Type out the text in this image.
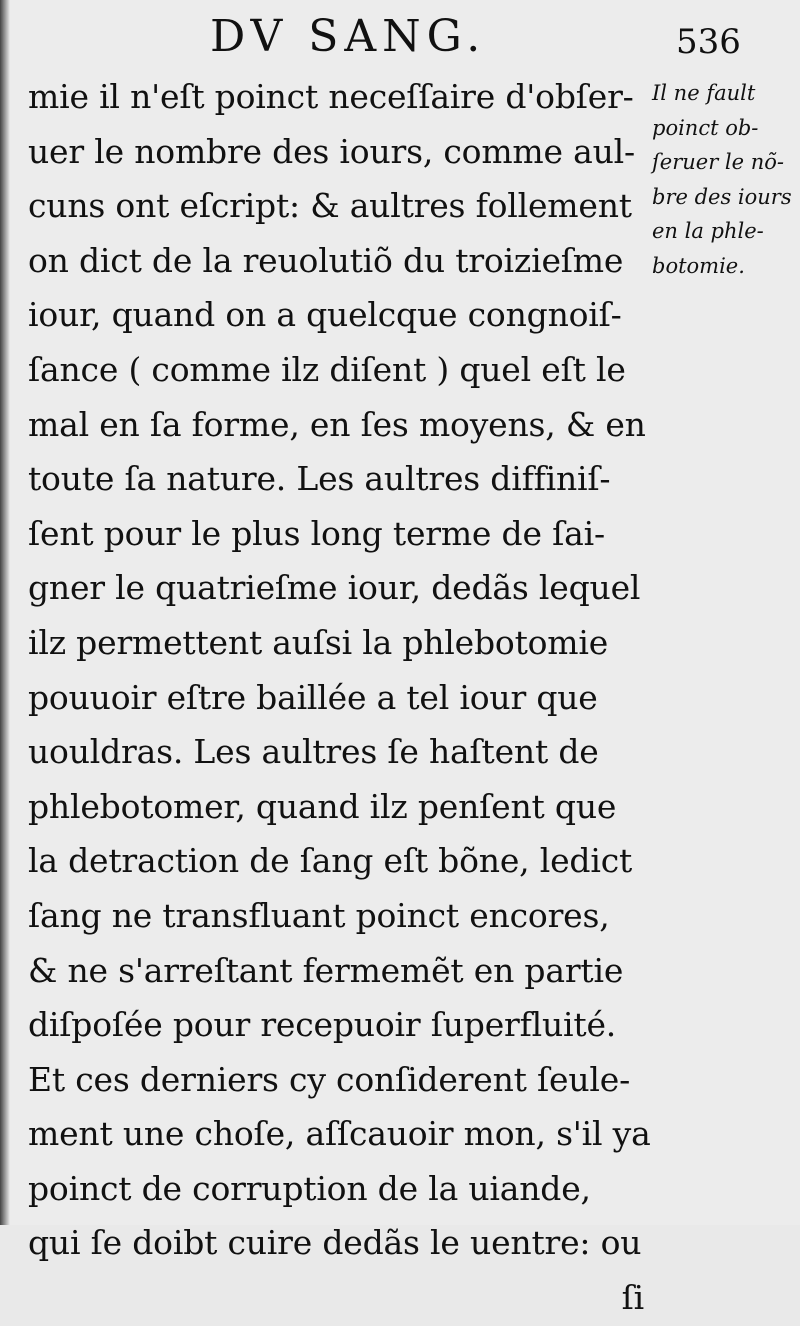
DV SANG.	536
mie il n'eſt poinct neceſſaire d'obſer-
uer le nombre des iours, comme aul-
cuns ont eſcript: & aultres follement
on dict de la reuolutiõ du troiziеſme
iour, quand on a quelcque congnoiſ-
ſance ( comme ilz diſent ) quel eſt le
mal en ſa forme, en ſes moyens, & en
toute ſa nature. Les aultres diffiniſ-
ſent pour le plus long terme de ſai-
gner le quatrieſme iour, dedãs lequel
ilz permettent auſsi la phlebotomie
pouuoir eſtre baillée a tel iour que
uouldras. Les aultres ſe haſtent de
phlebotomer, quand ilz penſent que
la detraction de ſang eſt bõne, ledict
ſang ne transfluant poinct encores,
& ne s'arreſtant fermemẽt en partie
diſpoſée pour recepuoir ſuperfluité.
Et ces derniers cy conſiderent ſeule-
ment une choſe, aſſcauoir mon, s'il ya
poinct de corruption de la uiande,
qui ſe doibt cuire dedãs le uentre: ou
ſi
Il ne fault
poinct ob-
ſeruer le nõ-
bre des iours
en la phle-
botomie.
